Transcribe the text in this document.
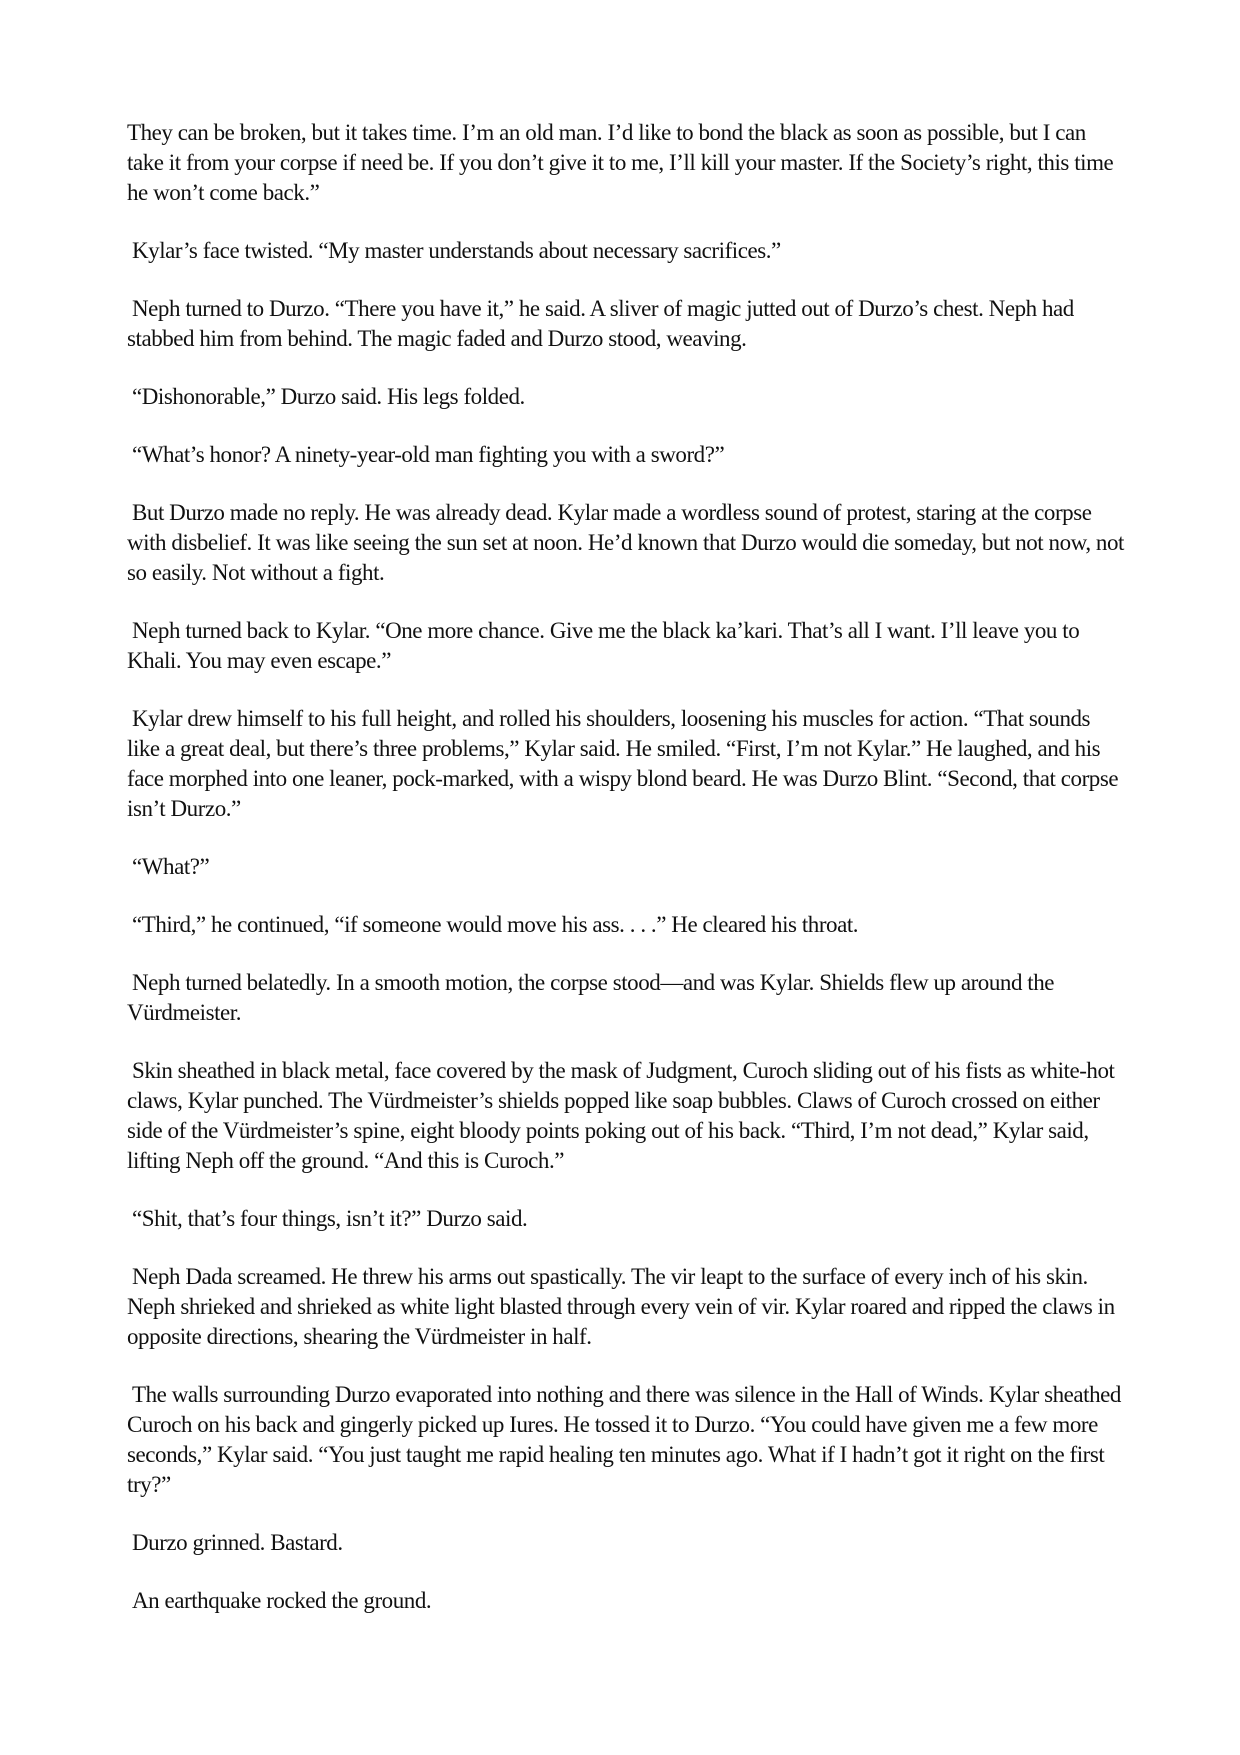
They can be broken, but it takes time. I’m an old man. I’d like to bond the black as soon as possible, but I can take it from your corpse if need be. If you don’t give it to me, I’ll kill your master. If the Society’s right, this time he won’t come back.”

Kylar’s face twisted. “My master understands about necessary sacrifices.”

Neph turned to Durzo. “There you have it,” he said. A sliver of magic jutted out of Durzo’s chest. Neph had stabbed him from behind. The magic faded and Durzo stood, weaving.

“Dishonorable,” Durzo said. His legs folded.

“What’s honor? A ninety-year-old man fighting you with a sword?”

But Durzo made no reply. He was already dead. Kylar made a wordless sound of protest, staring at the corpse with disbelief. It was like seeing the sun set at noon. He’d known that Durzo would die someday, but not now, not so easily. Not without a fight.

Neph turned back to Kylar. “One more chance. Give me the black ka’kari. That’s all I want. I’ll leave you to Khali. You may even escape.”

Kylar drew himself to his full height, and rolled his shoulders, loosening his muscles for action. “That sounds like a great deal, but there’s three problems,” Kylar said. He smiled. “First, I’m not Kylar.” He laughed, and his face morphed into one leaner, pock-marked, with a wispy blond beard. He was Durzo Blint. “Second, that corpse isn’t Durzo.”

“What?”

“Third,” he continued, “if someone would move his ass. . . .” He cleared his throat.

Neph turned belatedly. In a smooth motion, the corpse stood—and was Kylar. Shields flew up around the Vürdmeister.

Skin sheathed in black metal, face covered by the mask of Judgment, Curoch sliding out of his fists as white-hot claws, Kylar punched. The Vürdmeister’s shields popped like soap bubbles. Claws of Curoch crossed on either side of the Vürdmeister’s spine, eight bloody points poking out of his back. “Third, I’m not dead,” Kylar said, lifting Neph off the ground. “And this is Curoch.”

“Shit, that’s four things, isn’t it?” Durzo said.

Neph Dada screamed. He threw his arms out spastically. The vir leapt to the surface of every inch of his skin. Neph shrieked and shrieked as white light blasted through every vein of vir. Kylar roared and ripped the claws in opposite directions, shearing the Vürdmeister in half.

The walls surrounding Durzo evaporated into nothing and there was silence in the Hall of Winds. Kylar sheathed Curoch on his back and gingerly picked up Iures. He tossed it to Durzo. “You could have given me a few more seconds,” Kylar said. “You just taught me rapid healing ten minutes ago. What if I hadn’t got it right on the first try?”

Durzo grinned. Bastard.

An earthquake rocked the ground.
